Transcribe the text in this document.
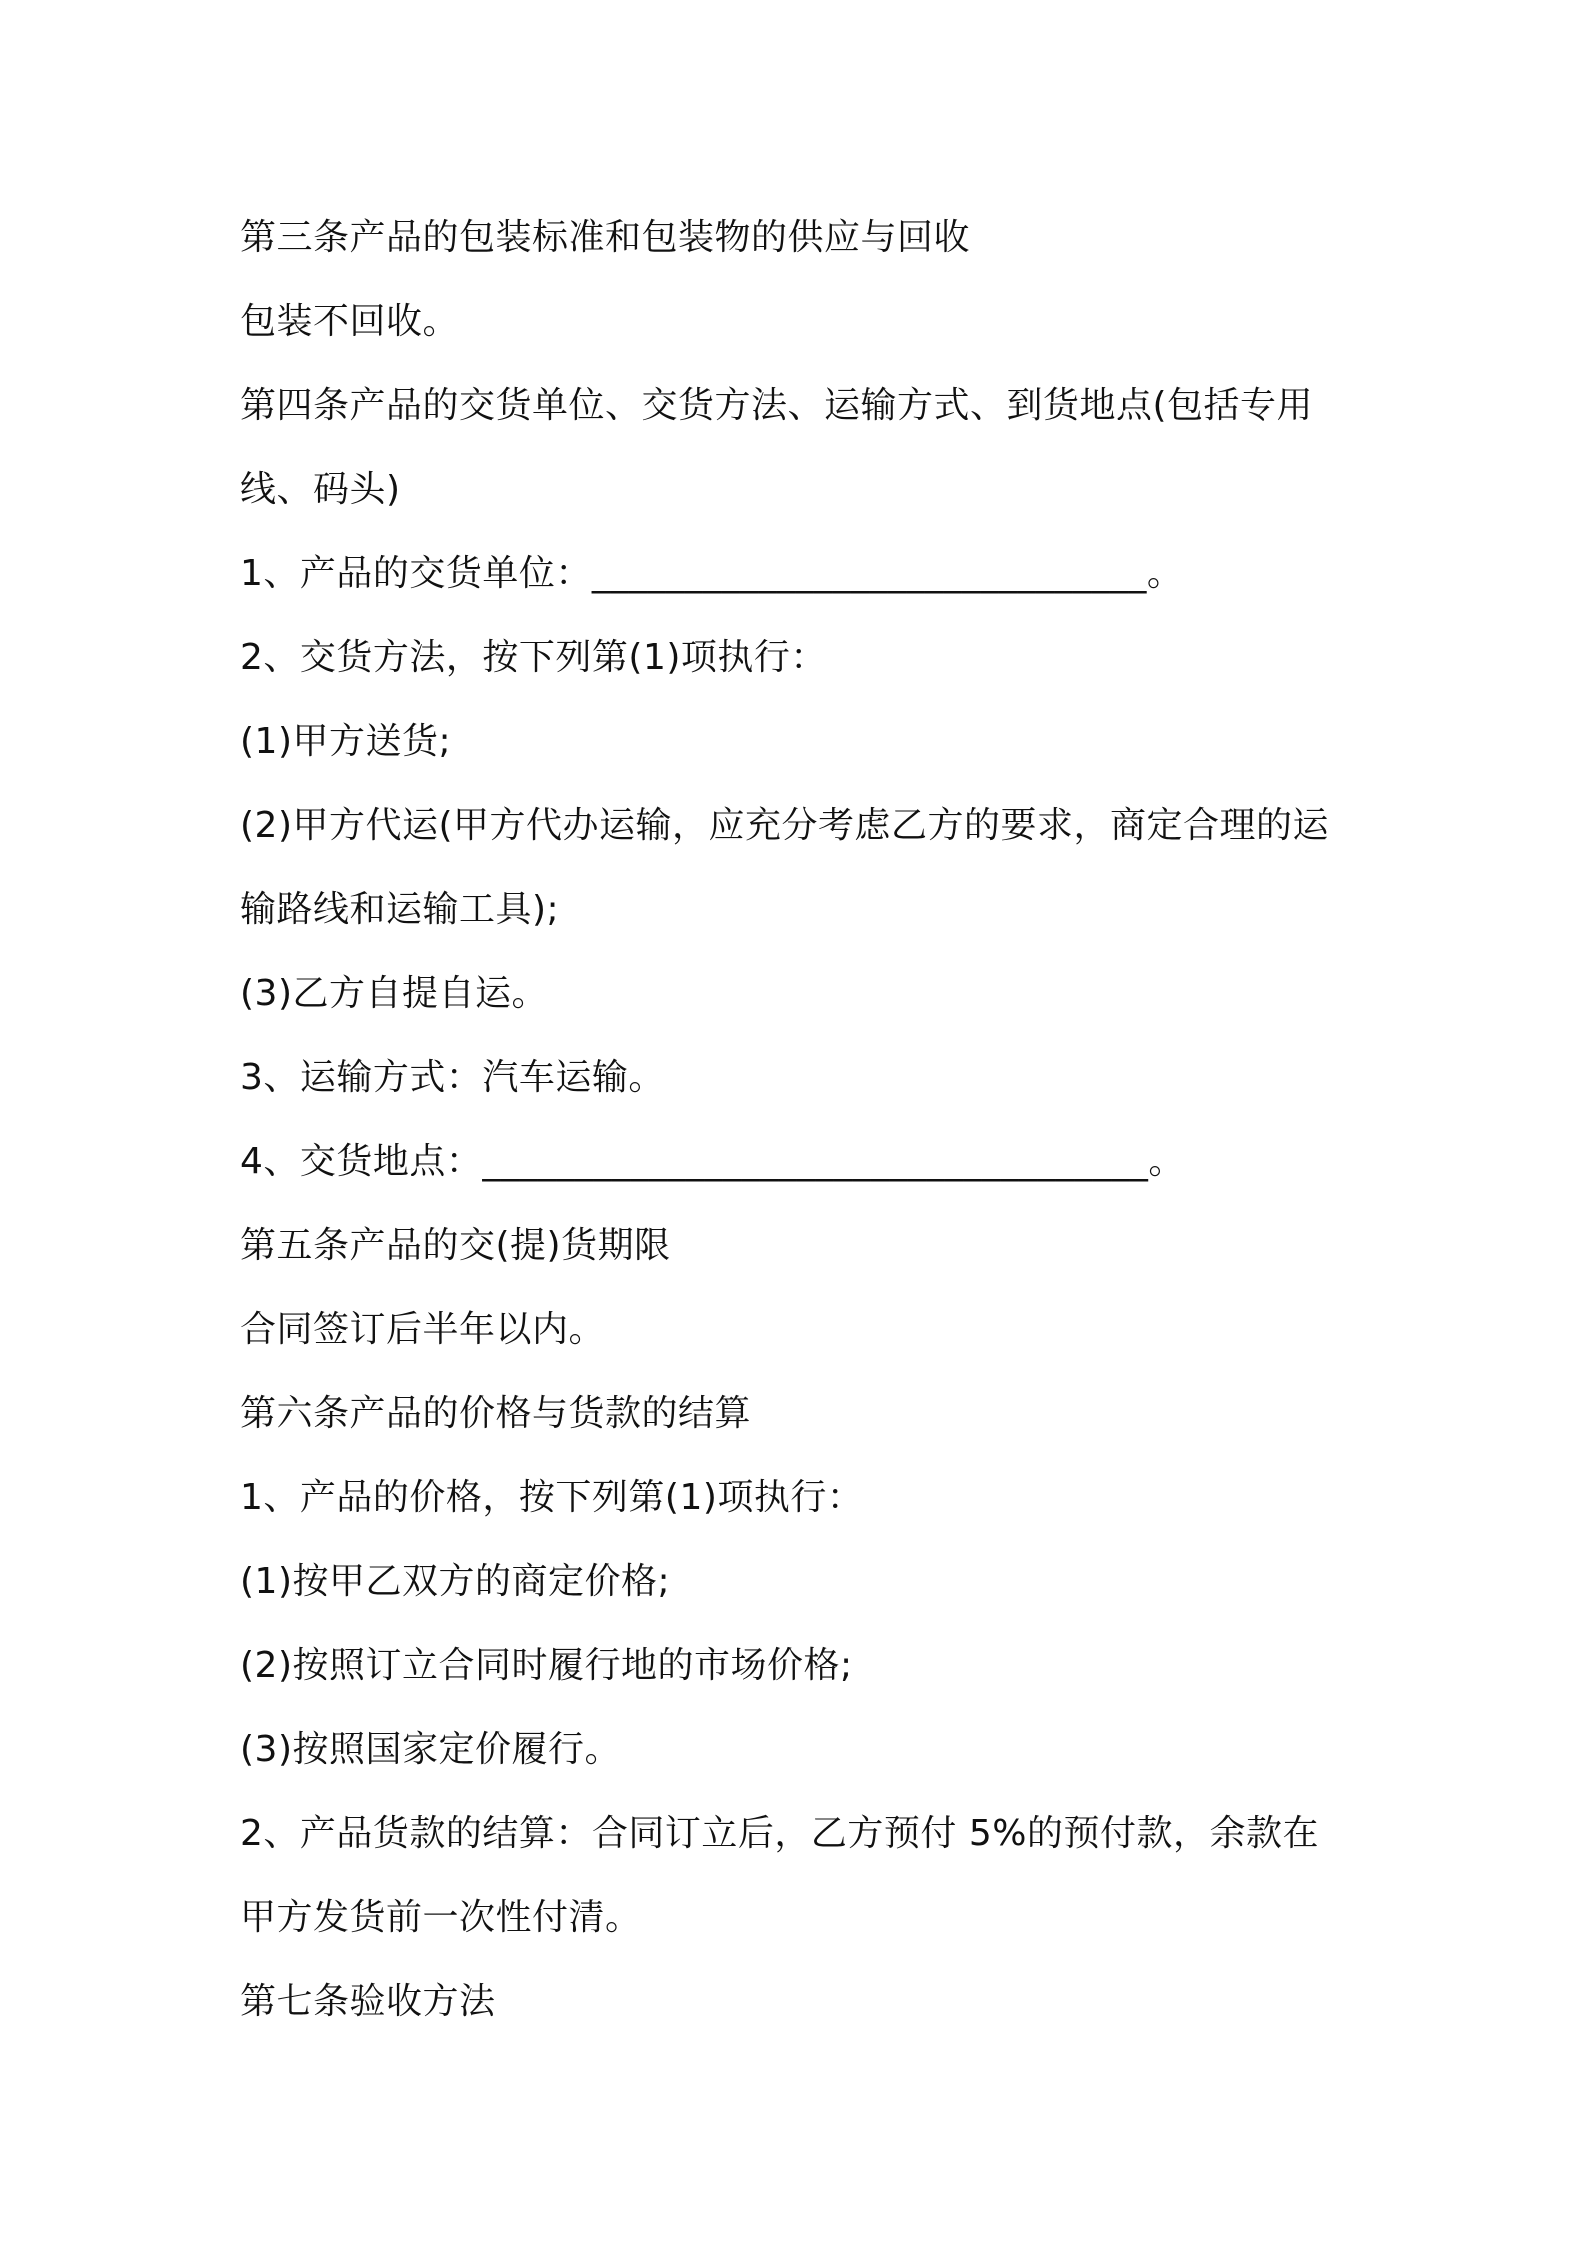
第三条产品的包装标准和包装物的供应与回收
包装不回收。
第四条产品的交货单位、交货方法、运输方式、到货地点(包括专用
线、码头)
1、产品的交货单位：______________________________。
2、交货方法，按下列第(1)项执行：
(1)甲方送货;
(2)甲方代运(甲方代办运输，应充分考虑乙方的要求，商定合理的运
输路线和运输工具);
(3)乙方自提自运。
3、运输方式：汽车运输。
4、交货地点：____________________________________。
第五条产品的交(提)货期限
合同签订后半年以内。
第六条产品的价格与货款的结算
1、产品的价格，按下列第(1)项执行：
(1)按甲乙双方的商定价格;
(2)按照订立合同时履行地的市场价格;
(3)按照国家定价履行。
2、产品货款的结算：合同订立后，乙方预付 5%的预付款，余款在
甲方发货前一次性付清。
第七条验收方法
